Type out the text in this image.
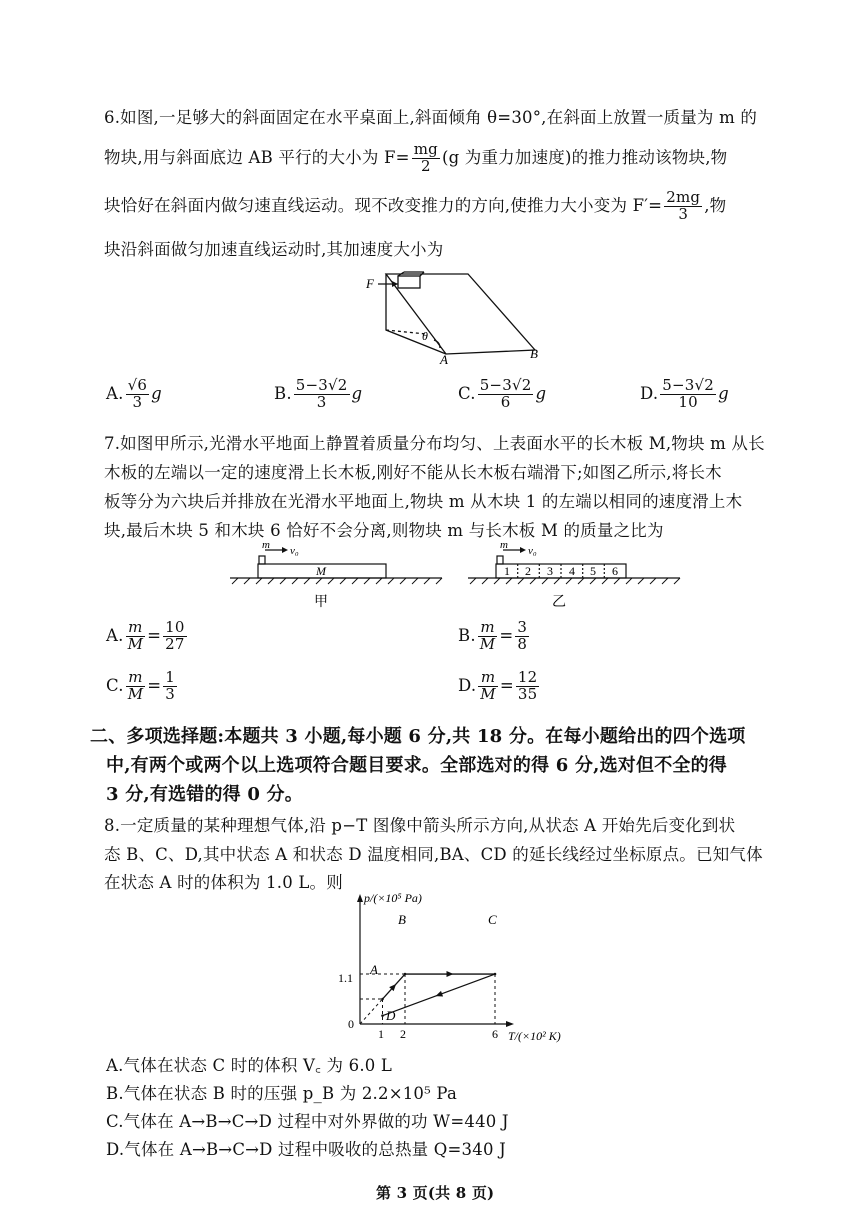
6.如图,一足够大的斜面固定在水平桌面上,斜面倾角 θ=30°,在斜面上放置一质量为 m 的
物块,用与斜面底边 AB 平行的大小为 $F= \frac{mg}{2} (g$ 为重力加速度)的推力推动该物块,物
块恰好在斜面内做匀速直线运动。现不改变推力的方向,使推力大小变为 $F'= \frac{2mg}{3}$ ,物
块沿斜面做匀加速直线运动时,其加速度大小为
F
θ
A	B
A. $\frac{√6}{3}$ g	B. $\frac{5-3√2}{3}$ g	C. $\frac{5-3√2}{6}$ g	D. $\frac{5-3√2}{10}$ g
7.如图甲所示,光滑水平地面上静置着质量分布均匀、上表面水平的长木板 M,物块 m 从长
木板的左端以一定的速度滑上长木板,刚好不能从长木板右端滑下;如图乙所示,将长木
板等分为六块后并排放在光滑水平地面上,物块 m 从木块 1 的左端以相同的速度滑上木
块,最后木块 5 和木块 6 恰好不会分离,则物块 m 与长木板 M 的质量之比为
m v₀
M
m v₀
1 2 3 4 5 6
甲	乙
A. $\frac{m}{M} = \frac{10}{27}$	B. $\frac{m}{M} = \frac{3}{8}$
C. $\frac{m}{M} = \frac{1}{3}$	D. $\frac{m}{M} = \frac{12}{35}$
二、多项选择题:本题共 3 小题,每小题 6 分,共 18 分。在每小题给出的四个选项
中,有两个或两个以上选项符合题目要求。全部选对的得 6 分,选对但不全的得
3 分,有选错的得 0 分。
8.一定质量的某种理想气体,沿 p−T 图像中箭头所示方向,从状态 A 开始先后变化到状
态 B、C、D,其中状态 A 和状态 D 温度相同,BA、CD 的延长线经过坐标原点。已知气体
在状态 A 时的体积为 1.0 L。则
p/(×10⁵ Pa)
T/(×10² K)
0
1 2	6
1.1
A
B	C
D
A.气体在状态 C 时的体积 V꜀ 为 6.0 L
B.气体在状态 B 时的压强 p_B 为 2.2×10⁵ Pa
C.气体在 A→B→C→D 过程中对外界做的功 W=440 J
D.气体在 A→B→C→D 过程中吸收的总热量 Q=340 J
第 3 页(共 8 页)
